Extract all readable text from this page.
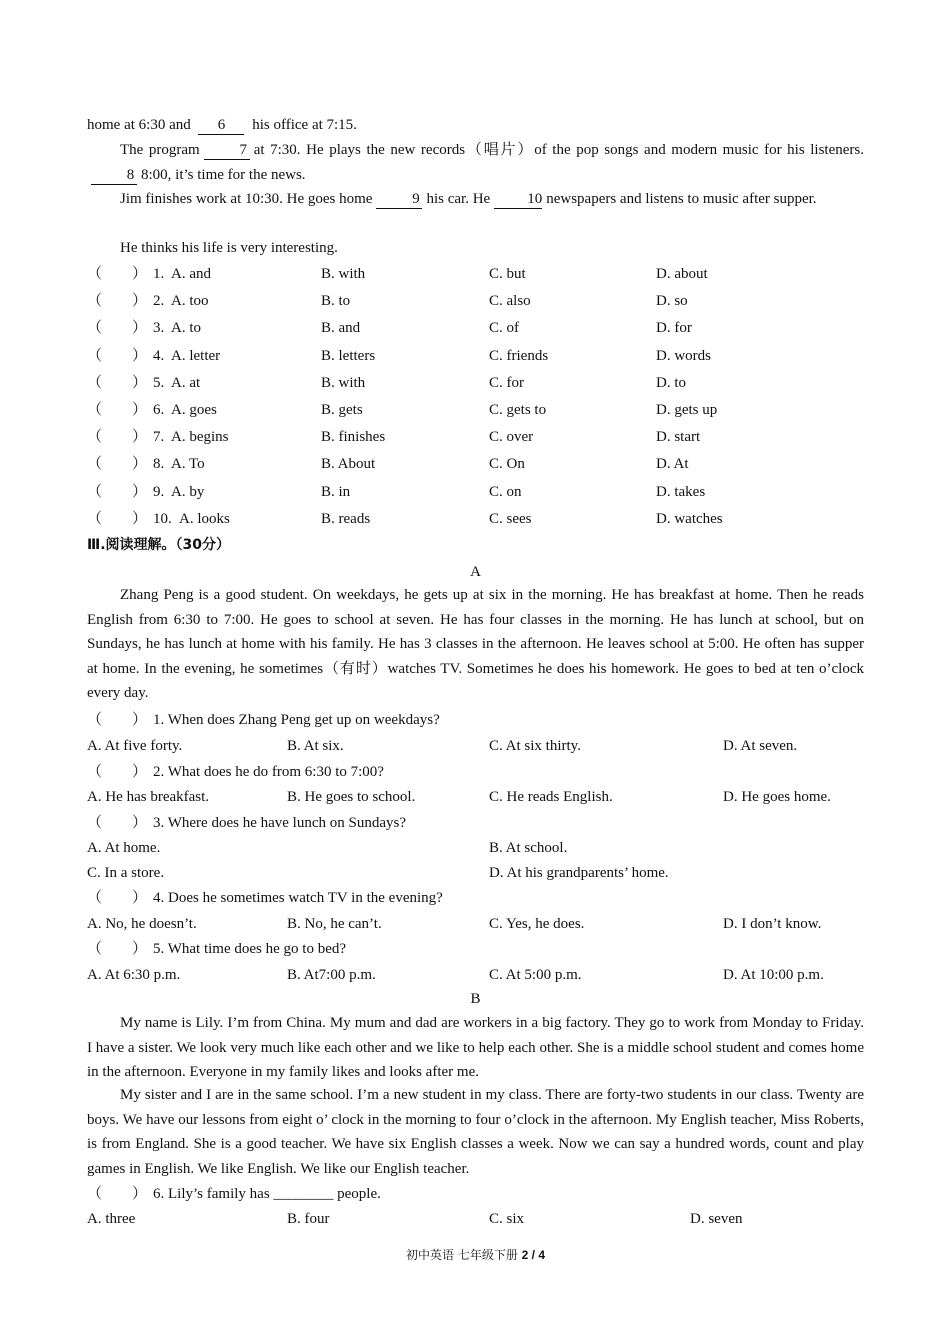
home at 6:30 and 6 his office at 7:15.
The program	7 at 7:30. He plays the new records（唱片）of the pop songs and modern music for his listeners. 8 8:00, it’s time for the news.
Jim finishes work at 10:30. He goes home	9 his car. He 10 newspapers and listens to music after supper.
He thinks his life is very interesting.
（　　） 1. A. and	B. with	C. but	D. about
（　　） 2. A. too	B. to	C. also	D. so
（　　） 3. A. to	B. and	C. of	D. for
（　　） 4. A. letter	B. letters	C. friends	D. words
（　　） 5. A. at	B. with	C. for	D. to
（　　） 6. A. goes	B. gets	C. gets to	D. gets up
（　　） 7. A. begins	B. finishes	C. over	D. start
（　　） 8. A. To	B. About	C. On	D. At
（　　） 9. A. by	B. in	C. on	D. takes
（　　） 10. A. looks	B. reads	C. sees	D. watches
Ⅲ.阅读理解。（30分）
A
Zhang Peng is a good student. On weekdays, he gets up at six in the morning. He has breakfast at home. Then he reads English from 6:30 to 7:00. He goes to school at seven. He has four classes in the morning. He has lunch at school, but on Sundays, he has lunch at home with his family. He has 3 classes in the afternoon. He leaves school at 5:00. He often has supper at home. In the evening, he sometimes（有时）watches TV. Sometimes he does his homework. He goes to bed at ten o’clock every day.
（　　） 1. When does Zhang Peng get up on weekdays?
A. At five forty.	B. At six.	C. At six thirty.	D. At seven.
（　　） 2. What does he do from 6:30 to 7:00?
A. He has breakfast.	B. He goes to school.	C. He reads English.	D. He goes home.
（　　） 3. Where does he have lunch on Sundays?
A. At home.	B. At school.
C. In a store.	D. At his grandparents’ home.
（　　） 4. Does he sometimes watch TV in the evening?
A. No, he doesn’t.	B. No, he can’t.	C. Yes, he does.	D. I don’t know.
（　　） 5. What time does he go to bed?
A. At 6:30 p.m.	B. At7:00 p.m.	C. At 5:00 p.m.	D. At 10:00 p.m.
B
My name is Lily. I’m from China. My mum and dad are workers in a big factory. They go to work from Monday to Friday. I have a sister. We look very much like each other and we like to help each other. She is a middle school student and comes home in the afternoon. Everyone in my family likes and looks after me.
My sister and I are in the same school. I’m a new student in my class. There are forty-two students in our class. Twenty are boys. We have our lessons from eight o’ clock in the morning to four o’clock in the afternoon. My English teacher, Miss Roberts, is from England. She is a good teacher. We have six English classes a week. Now we can say a hundred words, count and play games in English. We like English. We like our English teacher.
（　　） 6. Lily’s family has ________ people.
A. three	B. four	C. six	D. seven
初中英语 七年级下册 2 / 4
